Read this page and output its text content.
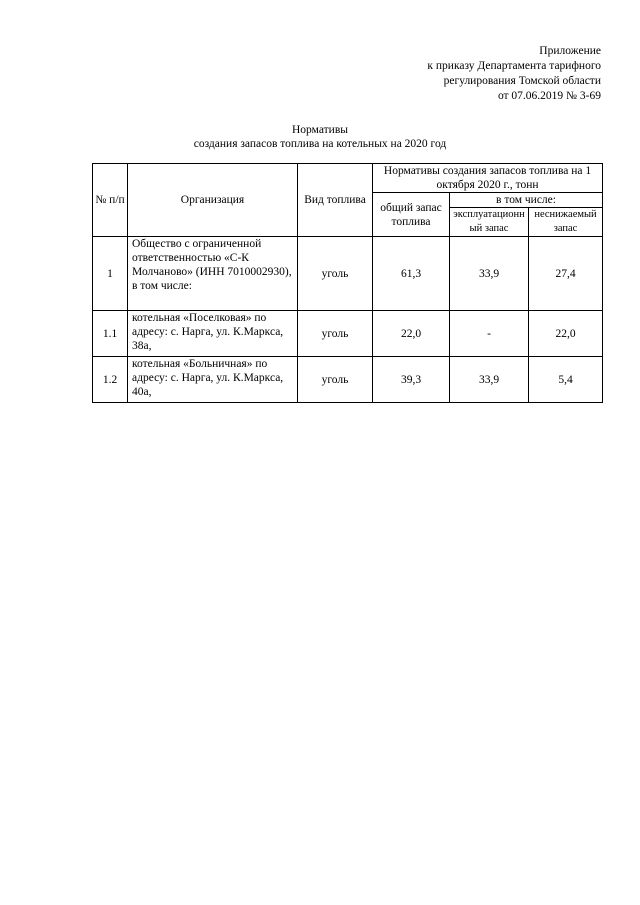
Приложение
к приказу Департамента тарифного
регулирования Томской области
от 07.06.2019 № 3-69
Нормативы
создания запасов топлива на котельных на 2020 год
№ п/п	Организация	Вид топлива	Нормативы создания запасов топлива на 1 октября 2020 г., тонн		
			общий запас топлива	в том числе:	
				эксплуатационный запас	неснижаемый запас
1	Общество с ограниченной ответственностью «С-К Молчаново» (ИНН 7010002930), в том числе:	уголь	61,3	33,9	27,4
1.1	котельная «Поселковая» по адресу: с. Нарга, ул. К.Маркса, 38а,	уголь	22,0	-	22,0
1.2	котельная «Больничная» по адресу: с. Нарга, ул. К.Маркса, 40а,	уголь	39,3	33,9	5,4
